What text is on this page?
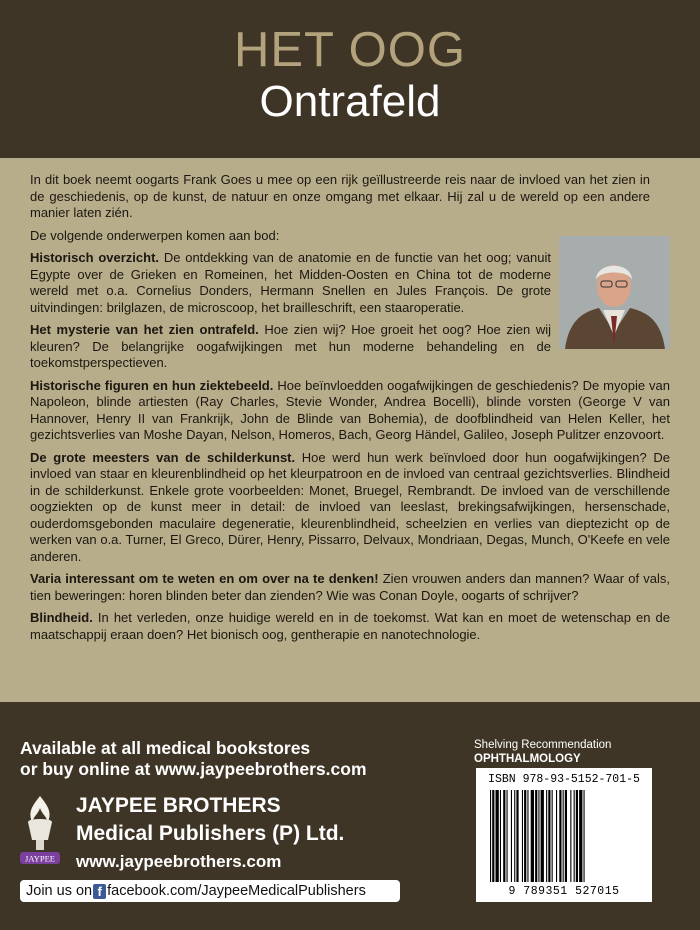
HET OOG
Ontrafeld

In dit boek neemt oogarts Frank Goes u mee op een rijk geïllustreerde reis naar de invloed van het zien in de geschiedenis, op de kunst, de natuur en onze omgang met elkaar. Hij zal u de wereld op een andere manier laten zién.

De volgende onderwerpen komen aan bod:

Historisch overzicht. De ontdekking van de anatomie en de functie van het oog; vanuit Egypte over de Grieken en Romeinen, het Midden-Oosten en China tot de moderne wereld met o.a. Cornelius Donders, Hermann Snellen en Jules François. De grote uitvindingen: brilglazen, de microscoop, het brailleschrift, een staaroperatie.

Het mysterie van het zien ontrafeld. Hoe zien wij? Hoe groeit het oog? Hoe zien wij kleuren? De belangrijke oogafwijkingen met hun moderne behandeling en de toekomstperspectieven.

Historische figuren en hun ziektebeeld. Hoe beïnvloedden oogafwijkingen de geschiedenis? De myopie van Napoleon, blinde artiesten (Ray Charles, Stevie Wonder, Andrea Bocelli), blinde vorsten (George V van Hannover, Henry II van Frankrijk, John de Blinde van Bohemia), de doofblindheid van Helen Keller, het gezichtsverlies van Moshe Dayan, Nelson, Homeros, Bach, Georg Händel, Galileo, Joseph Pulitzer enzovoort.

De grote meesters van de schilderkunst. Hoe werd hun werk beïnvloed door hun oogafwijkingen? De invloed van staar en kleurenblindheid op het kleurpatroon en de invloed van centraal gezichtsverlies. Blindheid in de schilderkunst. Enkele grote voorbeelden: Monet, Bruegel, Rembrandt. De invloed van de verschillende oogziekten op de kunst meer in detail: de invloed van leeslast, brekingsafwijkingen, hersenschade, ouderdomsgebonden maculaire degeneratie, kleurenblindheid, scheelzien en verlies van dieptezicht op de werken van o.a. Turner, El Greco, Dürer, Henry, Pissarro, Delvaux, Mondriaan, Degas, Munch, O'Keefe en vele anderen.

Varia interessant om te weten en om over na te denken! Zien vrouwen anders dan mannen? Waar of vals, tien beweringen: horen blinden beter dan zienden? Wie was Conan Doyle, oogarts of schrijver?

Blindheid. In het verleden, onze huidige wereld en in de toekomst. Wat kan en moet de wetenschap en de maatschappij eraan doen? Het bionisch oog, gentherapie en nanotechnologie.

Available at all medical bookstores
or buy online at www.jaypeebrothers.com
JAYPEE
JAYPEE BROTHERS
Medical Publishers (P) Ltd.
www.jaypeebrothers.com
Join us on f facebook.com/JaypeeMedicalPublishers
Shelving Recommendation
OPHTHALMOLOGY
ISBN 978-93-5152-701-5
9 789351 527015
